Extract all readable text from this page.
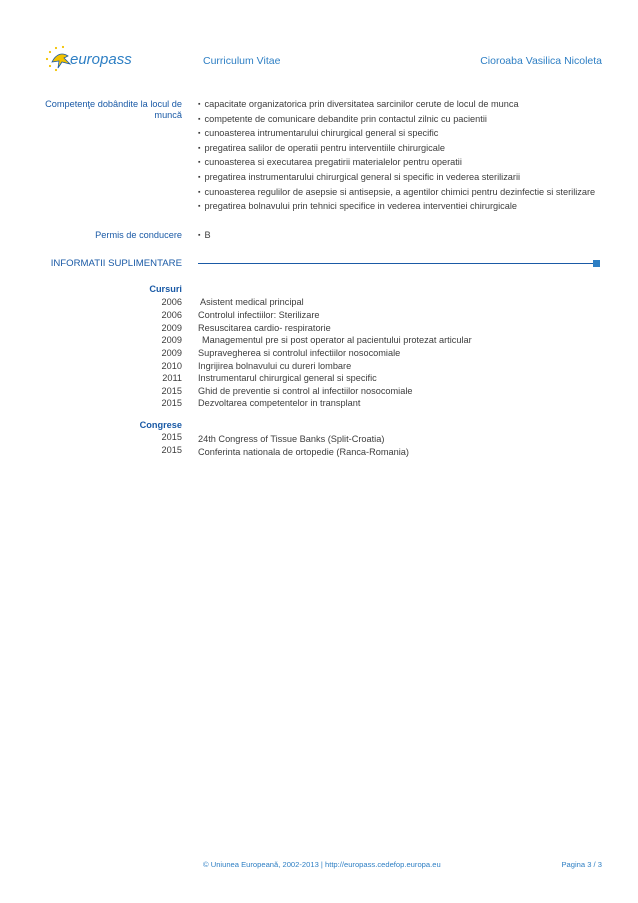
europass	Curriculum Vitae	Cioroaba Vasilica Nicoleta
Competenţe dobândite la locul de
muncă
▪ capacitate organizatorica prin diversitatea sarcinilor cerute de locul de munca
▪ competente de comunicare debandite prin contactul zilnic cu pacientii
▪ cunoasterea intrumentarului chirurgical general si specific
▪ pregatirea salilor de operatii pentru interventiile chirurgicale
▪ cunoasterea si executarea pregatirii materialelor pentru operatii
▪ pregatirea instrumentarului chirurgical general si specific in vederea sterilizarii
▪ cunoasterea regulilor de asepsie si antisepsie, a agentilor chimici pentru dezinfectie si sterilizare
▪ pregatirea bolnavului prin tehnici specifice in vederea interventiei chirurgicale
Permis de conducere
▪	B
INFORMATII SUPLIMENTARE
Cursuri
2006 Asistent medical principal
2006 Controlul infectiilor: Sterilizare
2009 Resuscitarea cardio- respiratorie
2009 Managementul pre si post operator al pacientului protezat articular
2009 Supravegherea si controlul infectiilor nosocomiale
2010 Ingrijirea bolnavului cu dureri lombare
2011 Instrumentarul chirurgical general si specific
2015 Ghid de preventie si control al infectiilor nosocomiale
2015 Dezvoltarea competentelor in transplant
Congrese
2015 24th Congress of Tissue Banks (Split-Croatia)
2015 Conferinta nationala de ortopedie (Ranca-Romania)
© Uniunea Europeană, 2002-2013 | http://europass.cedefop.europa.eu	Pagina 3 / 3
